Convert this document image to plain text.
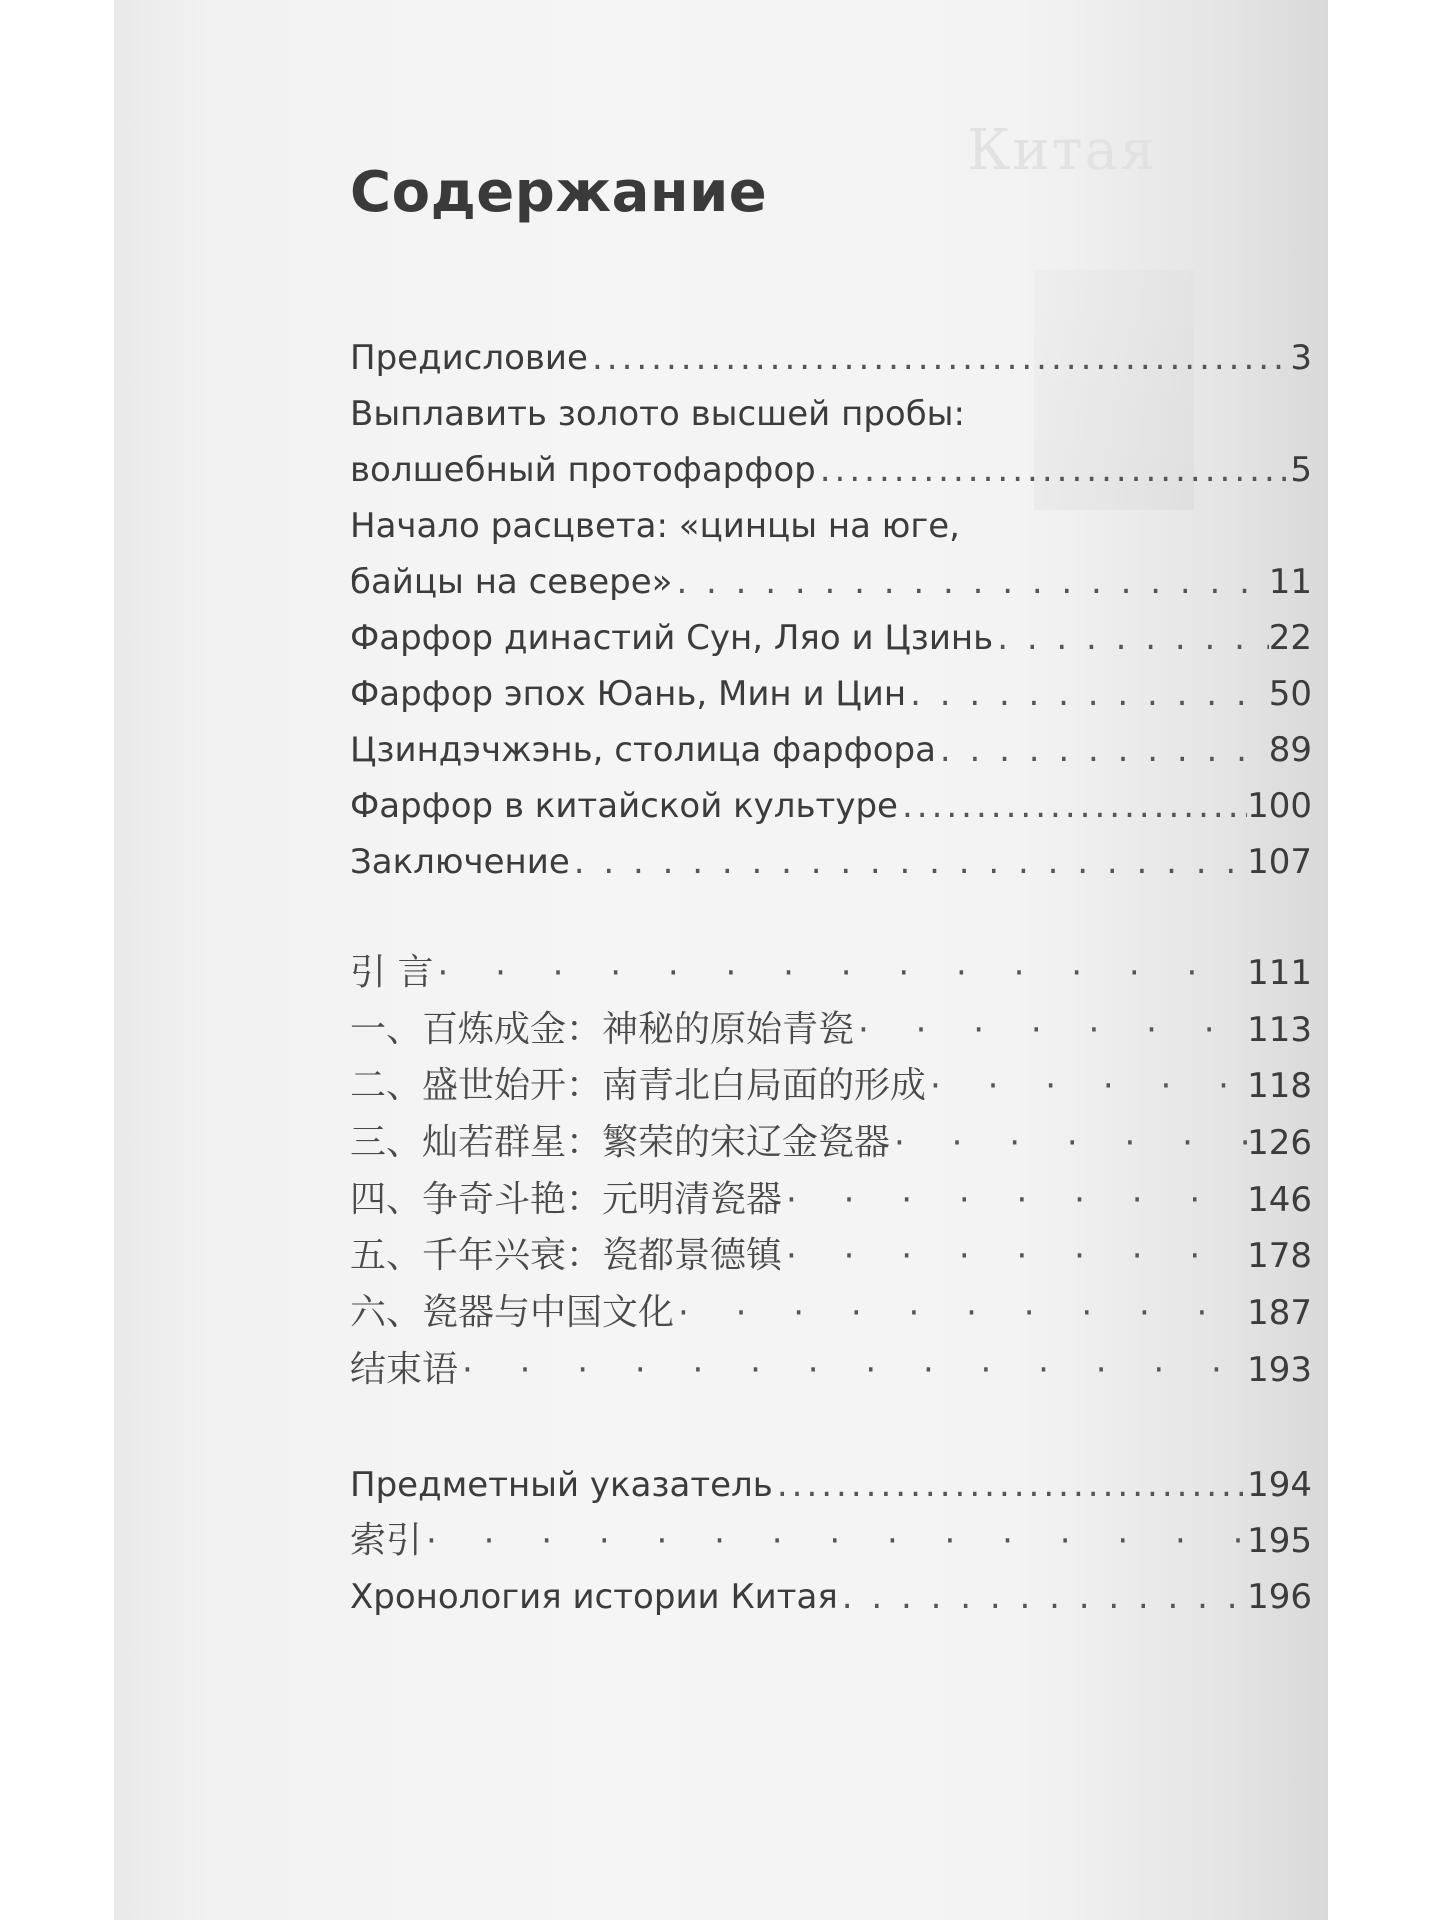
Китая
Содержание
Предисловие .....	3
Выплавить золото высшей пробы:
волшебный протофарфор .....	5
Начало расцвета: «цинцы на юге,
байцы на севере» . . .	11
Фарфор династий Сун, Ляо и Цзинь . . .	22
Фарфор эпох Юань, Мин и Цин . . .	50
Цзиндэчжэнь, столица фарфора . . .	89
Фарфор в китайской культуре .....	100
Заключение . . .	107
引 言 · · ·	111
一、百炼成金：神秘的原始青瓷 · · ·	113
二、盛世始开：南青北白局面的形成 · · ·	118
三、灿若群星：繁荣的宋辽金瓷器 · · ·	126
四、争奇斗艳：元明清瓷器 · · ·	146
五、千年兴衰：瓷都景德镇 · · ·	178
六、瓷器与中国文化 · · ·	187
结束语 · · ·	193
Предметный указатель .....	194
索引 · · ·	195
Хронология истории Китая . . .	196
